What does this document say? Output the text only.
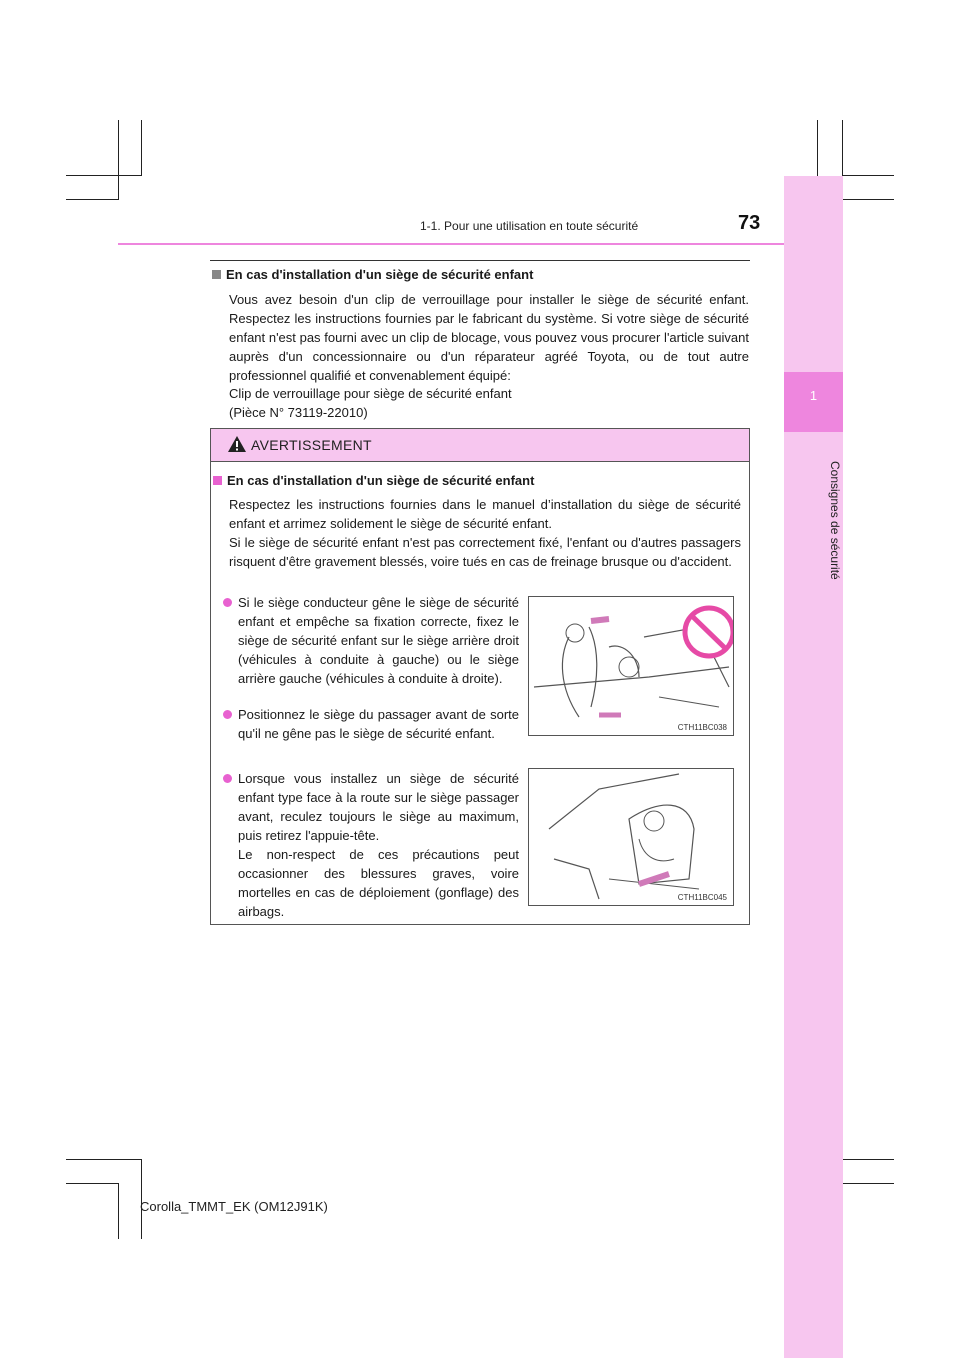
1
Consignes de sécurité
73
1-1. Pour une utilisation en toute sécurité
En cas d'installation d'un siège de sécurité enfant
Vous avez besoin d'un clip de verrouillage pour installer le siège de sécurité enfant. Respectez les instructions fournies par le fabricant du système. Si votre siège de sécurité enfant n'est pas fourni avec un clip de blocage, vous pouvez vous procurer l'article suivant auprès d'un concessionnaire ou d'un réparateur agréé Toyota, ou de tout autre professionnel qualifié et convenablement équipé:
Clip de verrouillage pour siège de sécurité enfant
(Pièce N° 73119-22010)
AVERTISSEMENT
En cas d'installation d'un siège de sécurité enfant
Respectez les instructions fournies dans le manuel d’installation du siège de sécurité enfant et arrimez solidement le siège de sécurité enfant.
Si le siège de sécurité enfant n'est pas correctement fixé, l'enfant ou d'autres passagers risquent d'être gravement blessés, voire tués en cas de freinage brusque ou d'accident.
Si le siège conducteur gêne le siège de sécurité enfant et empêche sa fixation correcte, fixez le siège de sécurité enfant sur le siège arrière droit (véhicules à conduite à gauche) ou le siège arrière gauche (véhicules à conduite à droite).
Positionnez le siège du passager avant de sorte qu'il ne gêne pas le siège de sécurité enfant.
Lorsque vous installez un siège de sécurité enfant type face à la route sur le siège passager avant, reculez toujours le siège au maximum, puis retirez l'appuie-tête.
Le non-respect de ces précautions peut occasionner des blessures graves, voire mortelles en cas de déploiement (gonflage) des airbags.
CTH11BC038
CTH11BC045
Corolla_TMMT_EK (OM12J91K)
